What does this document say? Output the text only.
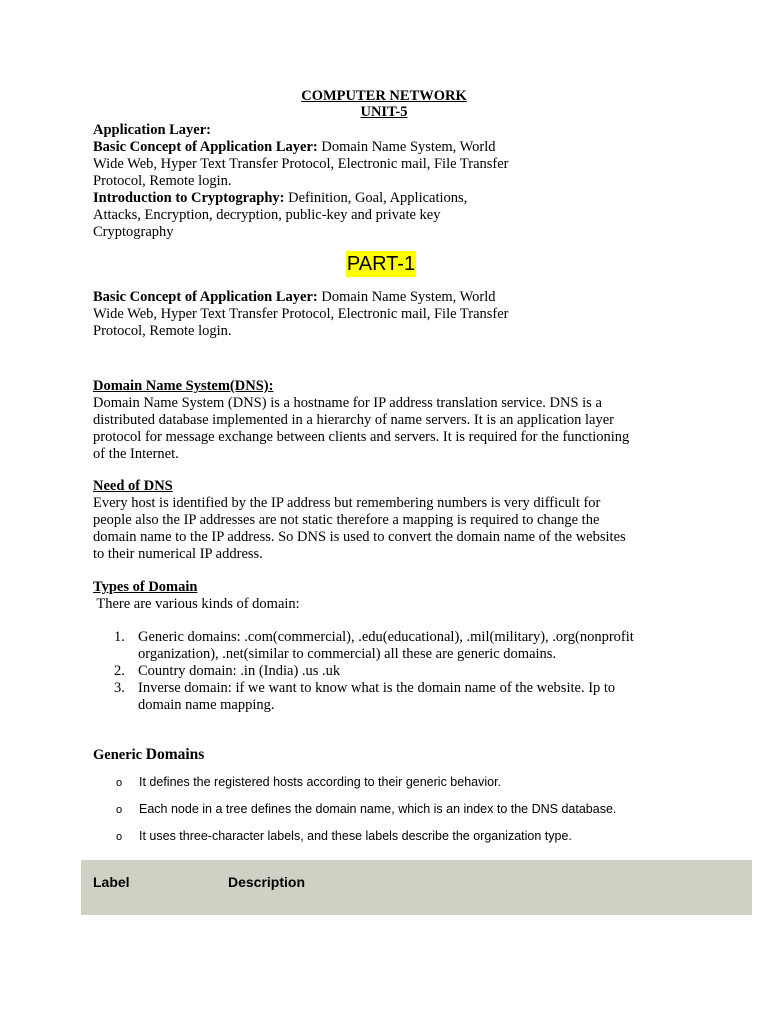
COMPUTER NETWORK
UNIT-5
Application Layer:
Basic Concept of Application Layer: Domain Name System, World
Wide Web, Hyper Text Transfer Protocol, Electronic mail, File Transfer
Protocol, Remote login.
Introduction to Cryptography: Definition, Goal, Applications,
Attacks, Encryption, decryption, public-key and private key
Cryptography
PART-1
Basic Concept of Application Layer: Domain Name System, World
Wide Web, Hyper Text Transfer Protocol, Electronic mail, File Transfer
Protocol, Remote login.
Domain Name System(DNS):
Domain Name System (DNS) is a hostname for IP address translation service. DNS is a
distributed database implemented in a hierarchy of name servers. It is an application layer
protocol for message exchange between clients and servers. It is required for the functioning
of the Internet.
Need of DNS
Every host is identified by the IP address but remembering numbers is very difficult for
people also the IP addresses are not static therefore a mapping is required to change the
domain name to the IP address. So DNS is used to convert the domain name of the websites
to their numerical IP address.
Types of Domain
There are various kinds of domain:
1. Generic domains: .com(commercial), .edu(educational), .mil(military), .org(nonprofit
organization), .net(similar to commercial) all these are generic domains.
2. Country domain: .in (India) .us .uk
3. Inverse domain: if we want to know what is the domain name of the website. Ip to
domain name mapping.
Generic Domains
o It defines the registered hosts according to their generic behavior.
o Each node in a tree defines the domain name, which is an index to the DNS database.
o It uses three-character labels, and these labels describe the organization type.
Label	Description
